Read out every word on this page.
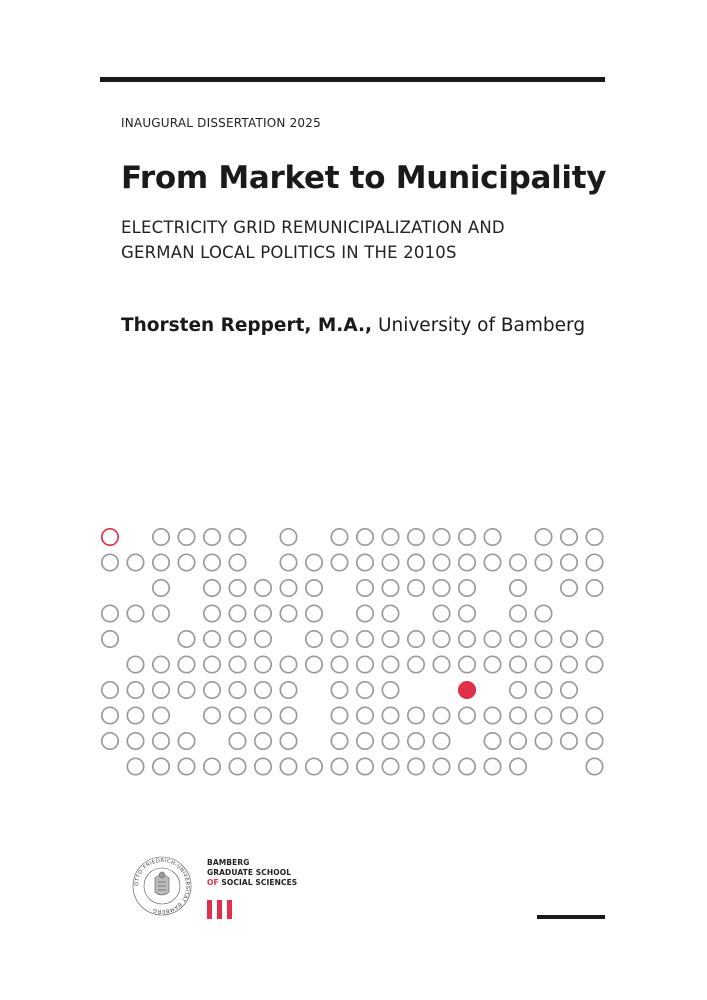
INAUGURAL DISSERTATION 2025
From Market to Municipality
ELECTRICITY GRID REMUNICIPALIZATION AND
GERMAN LOCAL POLITICS IN THE 2010S
Thorsten Reppert, M.A., University of Bamberg
OTTO-FRIEDRICH-UNIVERSITÄT BAMBERG
BAMBERG
GRADUATE SCHOOL
OF SOCIAL SCIENCES
